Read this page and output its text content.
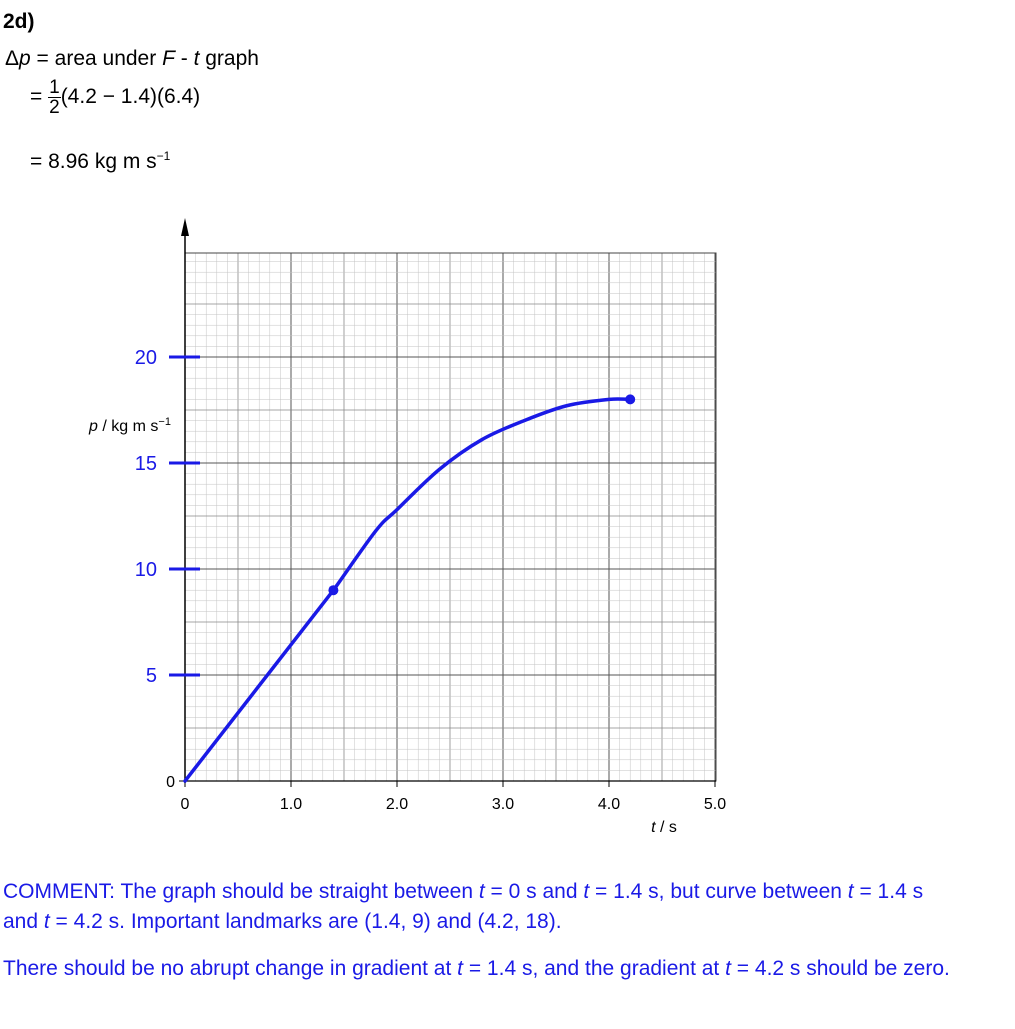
2d)
Δp = area under F - t graph
= $\frac{1}{2} (4.2 - 1.4)(6.4)$
= 8.96 kg m $s^{-1}$
0
5
10
15
20
0	1.0	2.0	3.0	4.0	5.0
t / s
p / kg m $s^{-1}$
COMMENT: The graph should be straight between t = 0 s and t = 1.4 s, but curve between t = 1.4 s
and t = 4.2 s. Important landmarks are (1.4, 9) and (4.2, 18).
There should be no abrupt change in gradient at t = 1.4 s, and the gradient at t = 4.2 s should be zero.
